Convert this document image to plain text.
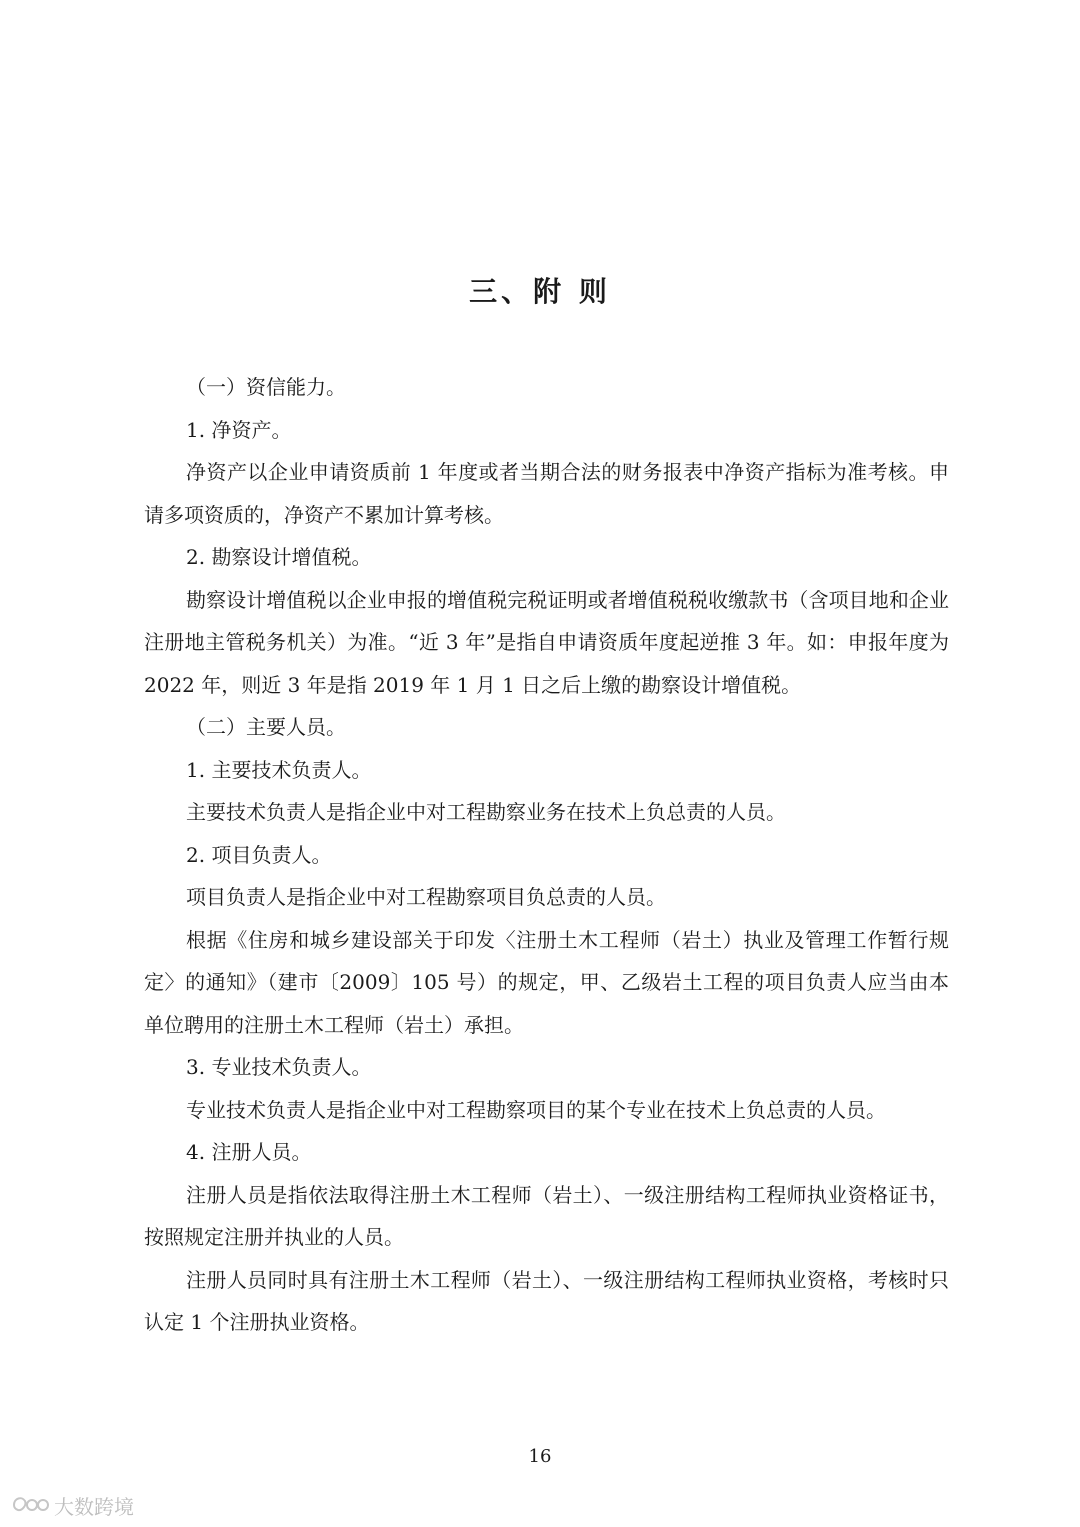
三、附 则

（一）资信能力。

1. 净资产。

净资产以企业申请资质前 1 年度或者当期合法的财务报表中净资产指标为准考核。申请多项资质的，净资产不累加计算考核。

2. 勘察设计增值税。

勘察设计增值税以企业申报的增值税完税证明或者增值税税收缴款书（含项目地和企业注册地主管税务机关）为准。“近 3 年”是指自申请资质年度起逆推 3 年。如：申报年度为 2022 年，则近 3 年是指 2019 年 1 月 1 日之后上缴的勘察设计增值税。

（二）主要人员。

1. 主要技术负责人。

主要技术负责人是指企业中对工程勘察业务在技术上负总责的人员。

2. 项目负责人。

项目负责人是指企业中对工程勘察项目负总责的人员。

根据《住房和城乡建设部关于印发〈注册土木工程师（岩土）执业及管理工作暂行规定〉的通知》（建市〔2009〕105 号）的规定，甲、乙级岩土工程的项目负责人应当由本单位聘用的注册土木工程师（岩土）承担。

3. 专业技术负责人。

专业技术负责人是指企业中对工程勘察项目的某个专业在技术上负总责的人员。

4. 注册人员。

注册人员是指依法取得注册土木工程师（岩土）、一级注册结构工程师执业资格证书，按照规定注册并执业的人员。

注册人员同时具有注册土木工程师（岩土）、一级注册结构工程师执业资格，考核时只认定 1 个注册执业资格。

16
大数跨境
